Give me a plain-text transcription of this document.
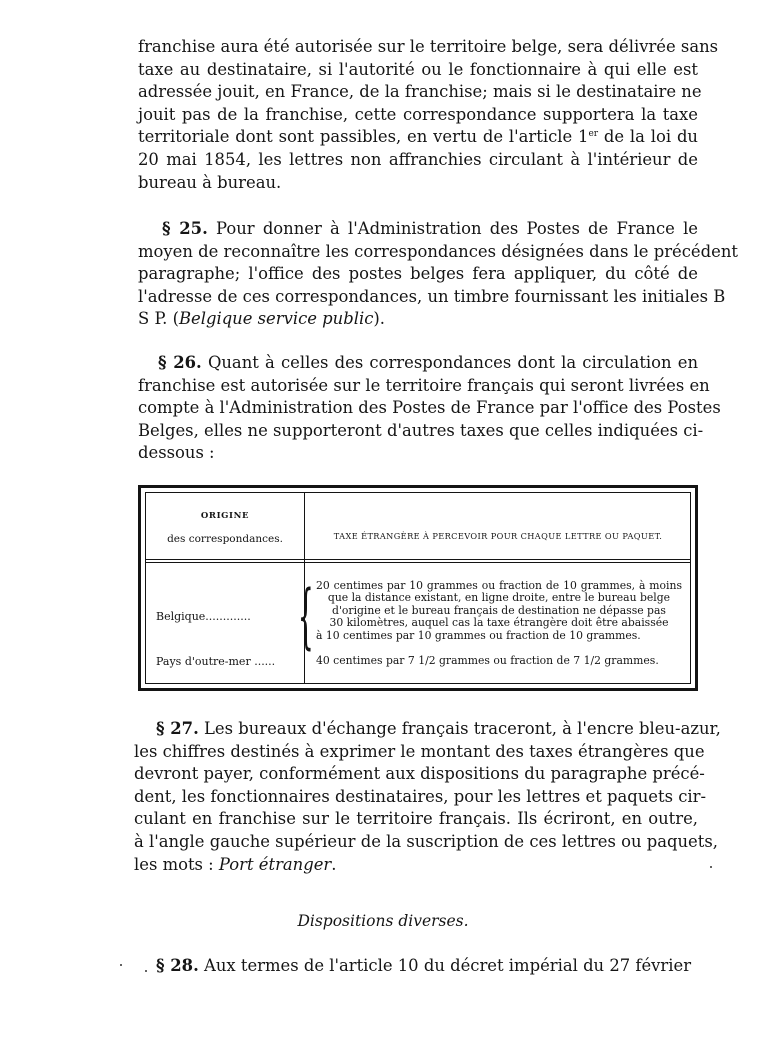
franchise aura été autorisée sur le territoire belge, sera délivrée sans
taxe au destinataire, si l'autorité ou le fonctionnaire à qui elle est
adressée jouit, en France, de la franchise; mais si le destinataire ne
jouit pas de la franchise, cette correspondance supportera la taxe
territoriale dont sont passibles, en vertu de l'article 1er de la loi du
20 mai 1854, les lettres non affranchies circulant à l'intérieur de
bureau à bureau.
§ 25. Pour donner à l'Administration des Postes de France le
moyen de reconnaître les correspondances désignées dans le précédent
paragraphe; l'office des postes belges fera appliquer, du côté de
l'adresse de ces correspondances, un timbre fournissant les initiales B
S P. (Belgique service public).
§ 26. Quant à celles des correspondances dont la circulation en
franchise est autorisée sur le territoire français qui seront livrées en
compte à l'Administration des Postes de France par l'office des Postes
Belges, elles ne supporteront d'autres taxes que celles indiquées ci-
dessous :
ORIGINE
des correspondances.	TAXE ÉTRANGÈRE À PERCEVOIR POUR CHAQUE LETTRE OU PAQUET.
Belgique............. { 20 centimes par 10 grammes ou fraction de 10 grammes, à moins
que la distance existant, en ligne droite, entre le bureau belge
d'origine et le bureau français de destination ne dépasse pas
30 kilomètres, auquel cas la taxe étrangère doit être abaissée
à 10 centimes par 10 grammes ou fraction de 10 grammes.
Pays d'outre-mer ......	40 centimes par 7 1/2 grammes ou fraction de 7 1/2 grammes.
§ 27. Les bureaux d'échange français traceront, à l'encre bleu-azur,
les chiffres destinés à exprimer le montant des taxes étrangères que
devront payer, conformément aux dispositions du paragraphe précé-
dent, les fonctionnaires destinataires, pour les lettres et paquets cir-
culant en franchise sur le territoire français. Ils écriront, en outre,
à l'angle gauche supérieur de la suscription de ces lettres ou paquets,
les mots : Port étranger.
Dispositions diverses.
§ 28. Aux termes de l'article 10 du décret impérial du 27 février
